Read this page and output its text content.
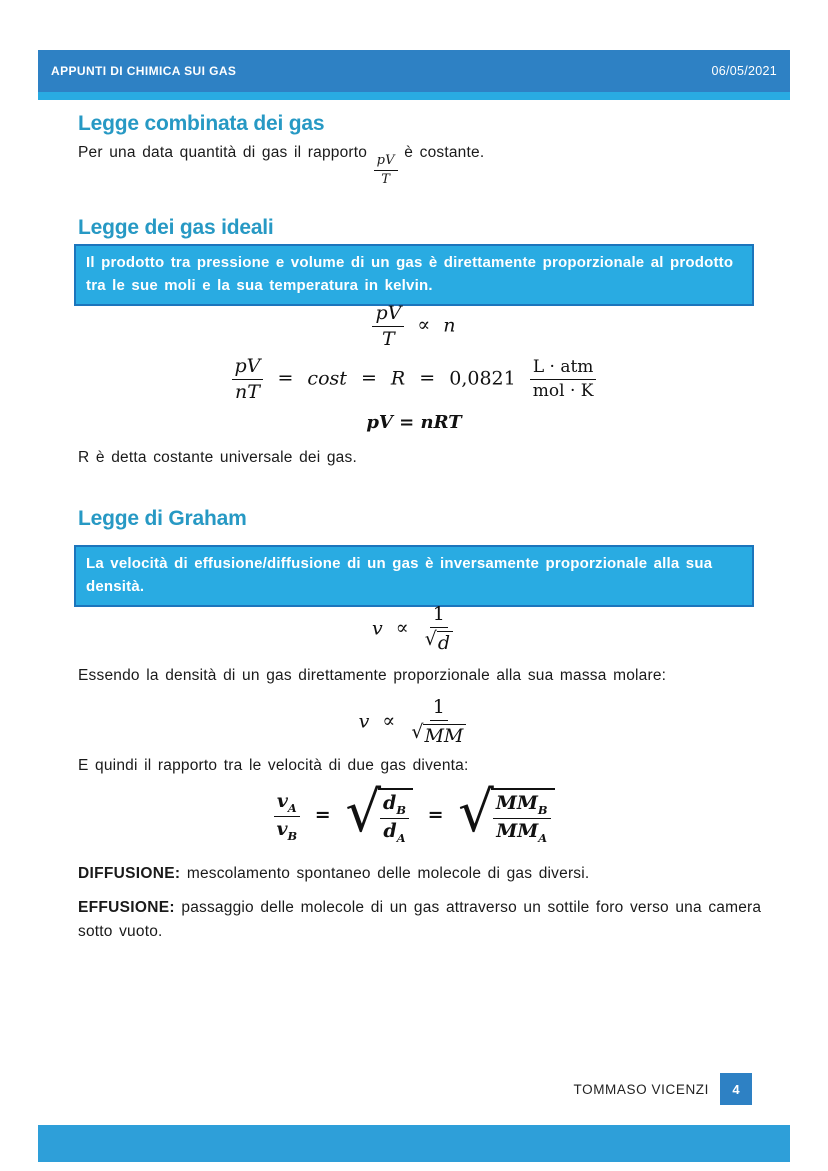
APPUNTI DI CHIMICA SUI GAS	06/05/2021
Legge combinata dei gas
Per una data quantità di gas il rapporto
$\frac{pV}{T}$
è costante.
Legge dei gas ideali
Il prodotto tra pressione e volume di un gas è direttamente proporzionale al prodotto tra le sue moli e la sua temperatura in kelvin.
$\frac{pV}{T} \propto n$
$\frac{pV}{nT} = \cos t = R = 0,0821 \frac{\text{L · atm}}{\text{mol · K}}$
pV = nRT
R è detta costante universale dei gas.
Legge di Graham
La velocità di effusione/diffusione di un gas è inversamente proporzionale alla sua densità.
$v \propto \frac{1}{√ d}$
Essendo la densità di un gas direttamente proporzionale alla sua massa molare:
$v \propto \frac{1}{√ MM}$
E quindi il rapporto tra le velocità di due gas diventa:
$\frac{v_A}{v_B}$ = √ $\frac{d_B}{d_A}$ = √ $\frac{MM_B}{MM_A}$
DIFFUSIONE: mescolamento spontaneo delle molecole di gas diversi.
EFFUSIONE: passaggio delle molecole di un gas attraverso un sottile foro verso una camera sotto vuoto.
TOMMASO VICENZI	4
